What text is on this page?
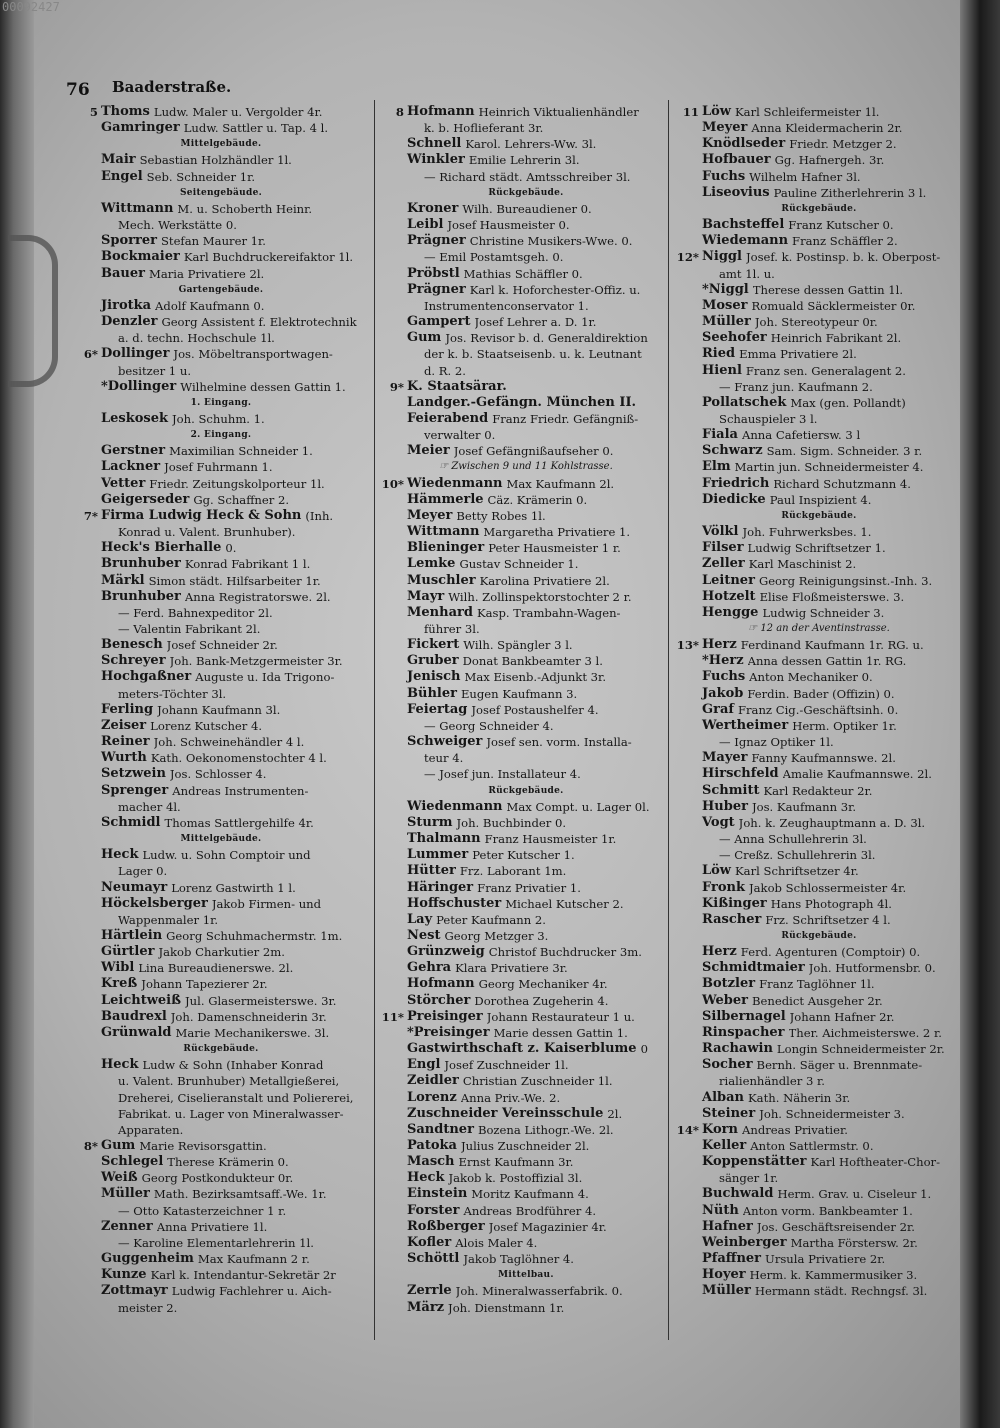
00092427
76 Baaderstraße.
5 Thoms Ludw. Maler u. Vergolder 4r.
Gamringer Ludw. Sattler u. Tap. 4 l.
Mittelgebäude.
Mair Sebastian Holzhändler 1l.
Engel Seb. Schneider 1r.
Seitengebäude.
Wittmann M. u. Schoberth Heinr.
Mech. Werkstätte 0.
Sporrer Stefan Maurer 1r.
Bockmaier Karl Buchdruckereifaktor 1l.
Bauer Maria Privatiere 2l.
Gartengebäude.
Jirotka Adolf Kaufmann 0.
Denzler Georg Assistent f. Elektrotechnik
a. d. techn. Hochschule 1l.
6* Dollinger Jos. Möbeltransportwagen-
besitzer 1 u.
*Dollinger Wilhelmine dessen Gattin 1.
1. Eingang.
Leskosek Joh. Schuhm. 1.
2. Eingang.
Gerstner Maximilian Schneider 1.
Lackner Josef Fuhrmann 1.
Vetter Friedr. Zeitungskolporteur 1l.
Geigerseder Gg. Schaffner 2.
7* Firma Ludwig Heck & Sohn (Inh.
Konrad u. Valent. Brunhuber).
Heck's Bierhalle 0.
Brunhuber Konrad Fabrikant 1 l.
Märkl Simon städt. Hilfsarbeiter 1r.
Brunhuber Anna Registratorswe. 2l.
— Ferd. Bahnexpeditor 2l.
— Valentin Fabrikant 2l.
Benesch Josef Schneider 2r.
Schreyer Joh. Bank-Metzgermeister 3r.
Hochgaßner Auguste u. Ida Trigono-
meters-Töchter 3l.
Ferling Johann Kaufmann 3l.
Zeiser Lorenz Kutscher 4.
Reiner Joh. Schweinehändler 4 l.
Wurth Kath. Oekonomenstochter 4 l.
Setzwein Jos. Schlosser 4.
Sprenger Andreas Instrumenten-
macher 4l.
Schmidl Thomas Sattlergehilfe 4r.
Mittelgebäude.
Heck Ludw. u. Sohn Comptoir und
Lager 0.
Neumayr Lorenz Gastwirth 1 l.
Höckelsberger Jakob Firmen- und
Wappenmaler 1r.
Härtlein Georg Schuhmachermstr. 1m.
Gürtler Jakob Charkutier 2m.
Wibl Lina Bureaudienerswe. 2l.
Kreß Johann Tapezierer 2r.
Leichtweiß Jul. Glasermeisterswe. 3r.
Baudrexl Joh. Damenschneiderin 3r.
Grünwald Marie Mechanikerswe. 3l.
Rückgebäude.
Heck Ludw & Sohn (Inhaber Konrad
u. Valent. Brunhuber) Metallgießerei,
Dreherei, Ciselieranstalt und Poliererei,
Fabrikat. u. Lager von Mineralwasser-
Apparaten.
8* Gum Marie Revisorsgattin.
Schlegel Therese Krämerin 0.
Weiß Georg Postkondukteur 0r.
Müller Math. Bezirksamtsaff.-We. 1r.
— Otto Katasterzeichner 1 r.
Zenner Anna Privatiere 1l.
— Karoline Elementarlehrerin 1l.
Guggenheim Max Kaufmann 2 r.
Kunze Karl k. Intendantur-Sekretär 2r
Zottmayr Ludwig Fachlehrer u. Aich-
meister 2.
8 Hofmann Heinrich Viktualienhändler
k. b. Hoflieferant 3r.
Schnell Karol. Lehrers-Ww. 3l.
Winkler Emilie Lehrerin 3l.
— Richard städt. Amtsschreiber 3l.
Rückgebäude.
Kroner Wilh. Bureaudiener 0.
Leibl Josef Hausmeister 0.
Prägner Christine Musikers-Wwe. 0.
— Emil Postamtsgeh. 0.
Pröbstl Mathias Schäffler 0.
Prägner Karl k. Hoforchester-Offiz. u.
Instrumentenconservator 1.
Gampert Josef Lehrer a. D. 1r.
Gum Jos. Revisor b. d. Generaldirektion
der k. b. Staatseisenb. u. k. Leutnant
d. R. 2.
9* K. Staatsärar.
Landger.-Gefängn. München II.
Feierabend Franz Friedr. Gefängniß-
verwalter 0.
Meier Josef Gefängnißaufseher 0.
☞ Zwischen 9 und 11 Kohlstrasse.
10* Wiedenmann Max Kaufmann 2l.
Hämmerle Cäz. Krämerin 0.
Meyer Betty Robes 1l.
Wittmann Margaretha Privatiere 1.
Blieninger Peter Hausmeister 1 r.
Lemke Gustav Schneider 1.
Muschler Karolina Privatiere 2l.
Mayr Wilh. Zollinspektorstochter 2 r.
Menhard Kasp. Trambahn-Wagen-
führer 3l.
Fickert Wilh. Spängler 3 l.
Gruber Donat Bankbeamter 3 l.
Jenisch Max Eisenb.-Adjunkt 3r.
Bühler Eugen Kaufmann 3.
Feiertag Josef Postaushelfer 4.
— Georg Schneider 4.
Schweiger Josef sen. vorm. Installa-
teur 4.
— Josef jun. Installateur 4.
Rückgebäude.
Wiedenmann Max Compt. u. Lager 0l.
Sturm Joh. Buchbinder 0.
Thalmann Franz Hausmeister 1r.
Lummer Peter Kutscher 1.
Hütter Frz. Laborant 1m.
Häringer Franz Privatier 1.
Hoffschuster Michael Kutscher 2.
Lay Peter Kaufmann 2.
Nest Georg Metzger 3.
Grünzweig Christof Buchdrucker 3m.
Gehra Klara Privatiere 3r.
Hofmann Georg Mechaniker 4r.
Störcher Dorothea Zugeherin 4.
11* Preisinger Johann Restaurateur 1 u.
*Preisinger Marie dessen Gattin 1.
Gastwirthschaft z. Kaiserblume 0
Engl Josef Zuschneider 1l.
Zeidler Christian Zuschneider 1l.
Lorenz Anna Priv.-We. 2.
Zuschneider Vereinsschule 2l.
Sandtner Bozena Lithogr.-We. 2l.
Patoka Julius Zuschneider 2l.
Masch Ernst Kaufmann 3r.
Heck Jakob k. Postoffizial 3l.
Einstein Moritz Kaufmann 4.
Forster Andreas Brodführer 4.
Roßberger Josef Magazinier 4r.
Kofler Alois Maler 4.
Schöttl Jakob Taglöhner 4.
Mittelbau.
Zerrle Joh. Mineralwasserfabrik. 0.
März Joh. Dienstmann 1r.
11 Löw Karl Schleifermeister 1l.
Meyer Anna Kleidermacherin 2r.
Knödlseder Friedr. Metzger 2.
Hofbauer Gg. Hafnergeh. 3r.
Fuchs Wilhelm Hafner 3l.
Liseovius Pauline Zitherlehrerin 3 l.
Rückgebäude.
Bachsteffel Franz Kutscher 0.
Wiedemann Franz Schäffler 2.
12* Niggl Josef. k. Postinsp. b. k. Oberpost-
amt 1l. u.
*Niggl Therese dessen Gattin 1l.
Moser Romuald Säcklermeister 0r.
Müller Joh. Stereotypeur 0r.
Seehofer Heinrich Fabrikant 2l.
Ried Emma Privatiere 2l.
Hienl Franz sen. Generalagent 2.
— Franz jun. Kaufmann 2.
Pollatschek Max (gen. Pollandt)
Schauspieler 3 l.
Fiala Anna Cafetiersw. 3 l
Schwarz Sam. Sigm. Schneider. 3 r.
Elm Martin jun. Schneidermeister 4.
Friedrich Richard Schutzmann 4.
Diedicke Paul Inspizient 4.
Rückgebäude.
Völkl Joh. Fuhrwerksbes. 1.
Filser Ludwig Schriftsetzer 1.
Zeller Karl Maschinist 2.
Leitner Georg Reinigungsinst.-Inh. 3.
Hotzelt Elise Floßmeisterswe. 3.
Hengge Ludwig Schneider 3.
☞ 12 an der Aventinstrasse.
13* Herz Ferdinand Kaufmann 1r. RG. u.
*Herz Anna dessen Gattin 1r. RG.
Fuchs Anton Mechaniker 0.
Jakob Ferdin. Bader (Offizin) 0.
Graf Franz Cig.-Geschäftsinh. 0.
Wertheimer Herm. Optiker 1r.
— Ignaz Optiker 1l.
Mayer Fanny Kaufmannswe. 2l.
Hirschfeld Amalie Kaufmannswe. 2l.
Schmitt Karl Redakteur 2r.
Huber Jos. Kaufmann 3r.
Vogt Joh. k. Zeughauptmann a. D. 3l.
— Anna Schullehrerin 3l.
— Creßz. Schullehrerin 3l.
Löw Karl Schriftsetzer 4r.
Fronk Jakob Schlossermeister 4r.
Kißinger Hans Photograph 4l.
Rascher Frz. Schriftsetzer 4 l.
Rückgebäude.
Herz Ferd. Agenturen (Comptoir) 0.
Schmidtmaier Joh. Hutformensbr. 0.
Botzler Franz Taglöhner 1l.
Weber Benedict Ausgeher 2r.
Silbernagel Johann Hafner 2r.
Rinspacher Ther. Aichmeisterswe. 2 r.
Rachawin Longin Schneidermeister 2r.
Socher Bernh. Säger u. Brennmate-
rialienhändler 3 r.
Alban Kath. Näherin 3r.
Steiner Joh. Schneidermeister 3.
14* Korn Andreas Privatier.
Keller Anton Sattlermstr. 0.
Koppenstätter Karl Hoftheater-Chor-
sänger 1r.
Buchwald Herm. Grav. u. Ciseleur 1.
Nüth Anton vorm. Bankbeamter 1.
Hafner Jos. Geschäftsreisender 2r.
Weinberger Martha Förstersw. 2r.
Pfaffner Ursula Privatiere 2r.
Hoyer Herm. k. Kammermusiker 3.
Müller Hermann städt. Rechngsf. 3l.
